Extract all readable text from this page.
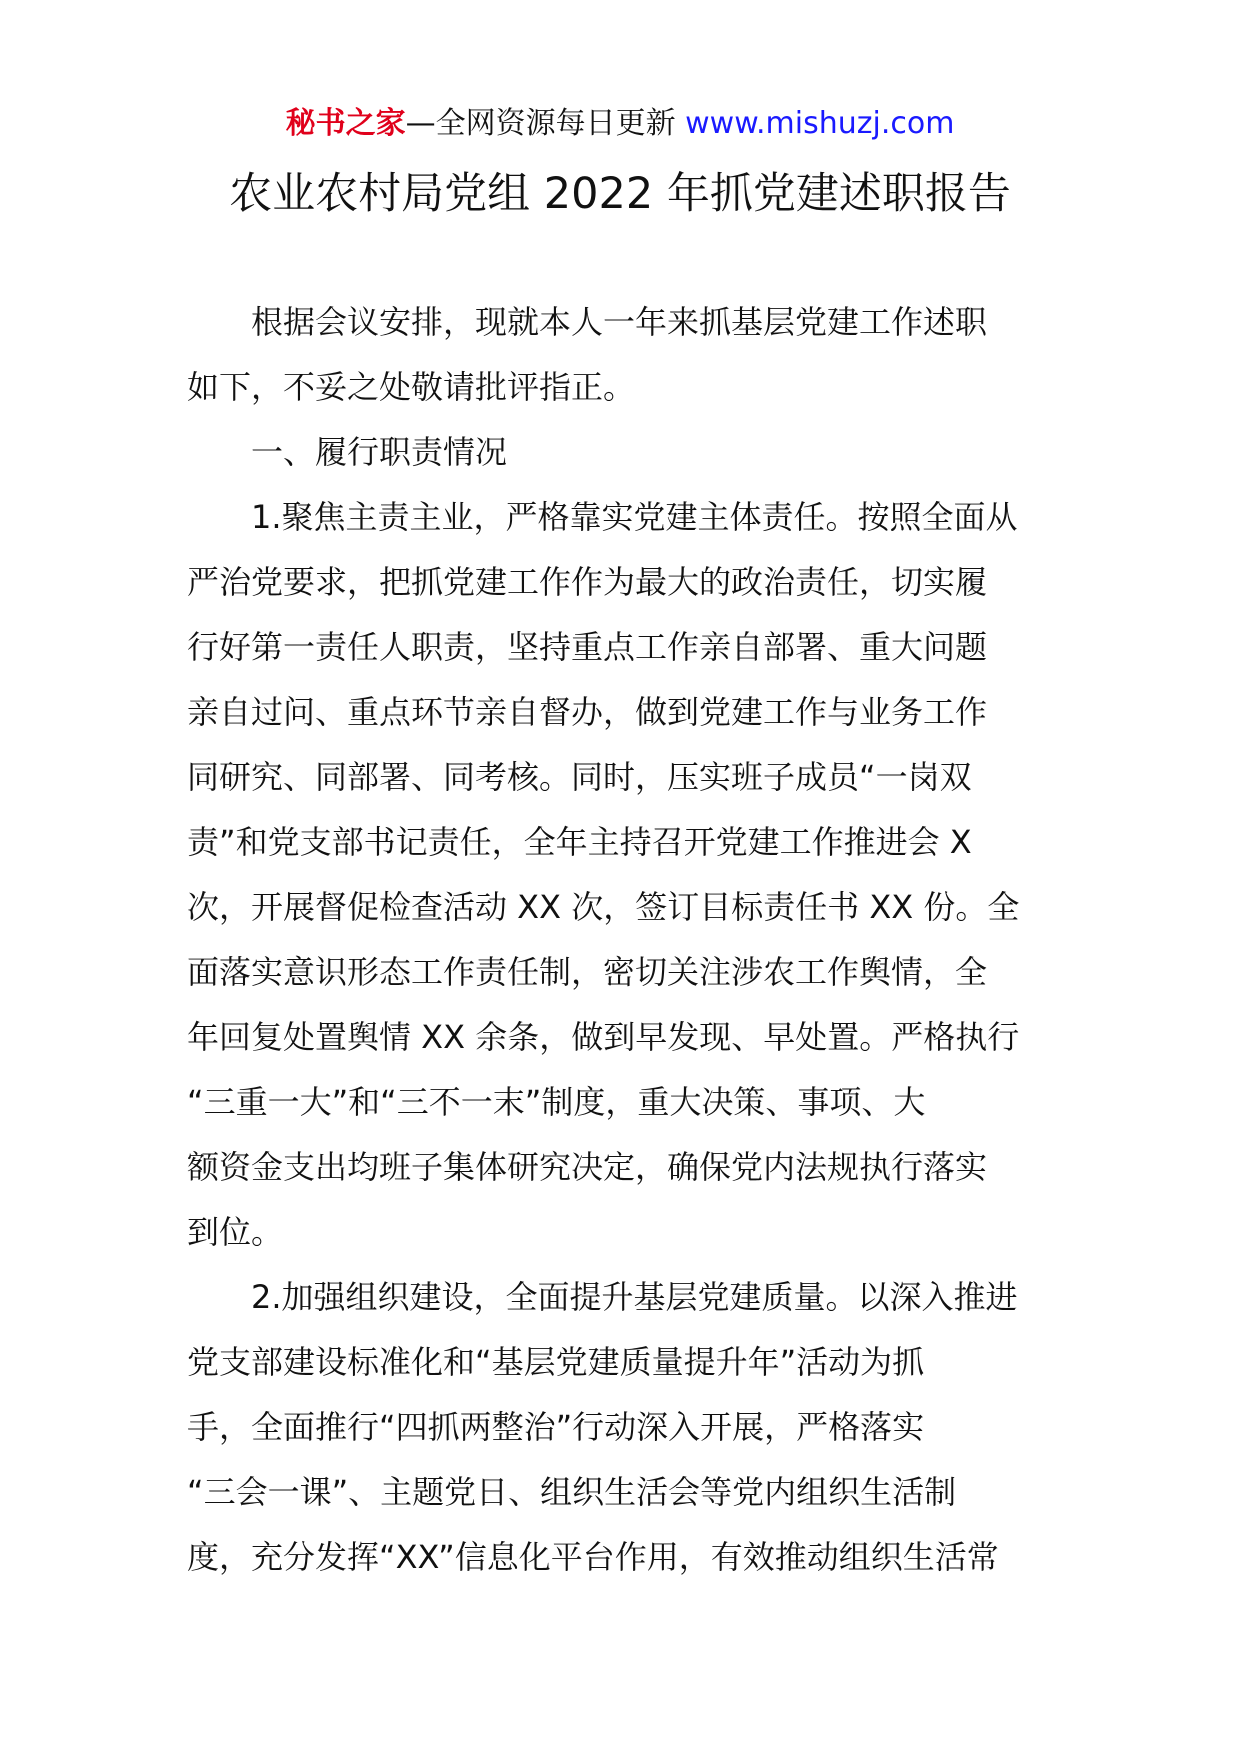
秘书之家—全网资源每日更新 www.mishuzj.com
农业农村局党组 2022 年抓党建述职报告
　　根据会议安排，现就本人一年来抓基层党建工作述职
如下，不妥之处敬请批评指正。
　　一、履行职责情况
　　1.聚焦主责主业，严格靠实党建主体责任。按照全面从
严治党要求，把抓党建工作作为最大的政治责任，切实履
行好第一责任人职责，坚持重点工作亲自部署、重大问题
亲自过问、重点环节亲自督办，做到党建工作与业务工作
同研究、同部署、同考核。同时，压实班子成员“一岗双
责”和党支部书记责任，全年主持召开党建工作推进会 X
次，开展督促检查活动 XX 次，签订目标责任书 XX 份。全
面落实意识形态工作责任制，密切关注涉农工作舆情，全
年回复处置舆情 XX 余条，做到早发现、早处置。严格执行
“三重一大”和“三不一末”制度，重大决策、事项、大
额资金支出均班子集体研究决定，确保党内法规执行落实
到位。
　　2.加强组织建设，全面提升基层党建质量。以深入推进
党支部建设标准化和“基层党建质量提升年”活动为抓
手，全面推行“四抓两整治”行动深入开展，严格落实
“三会一课”、主题党日、组织生活会等党内组织生活制
度，充分发挥“XX”信息化平台作用，有效推动组织生活常
